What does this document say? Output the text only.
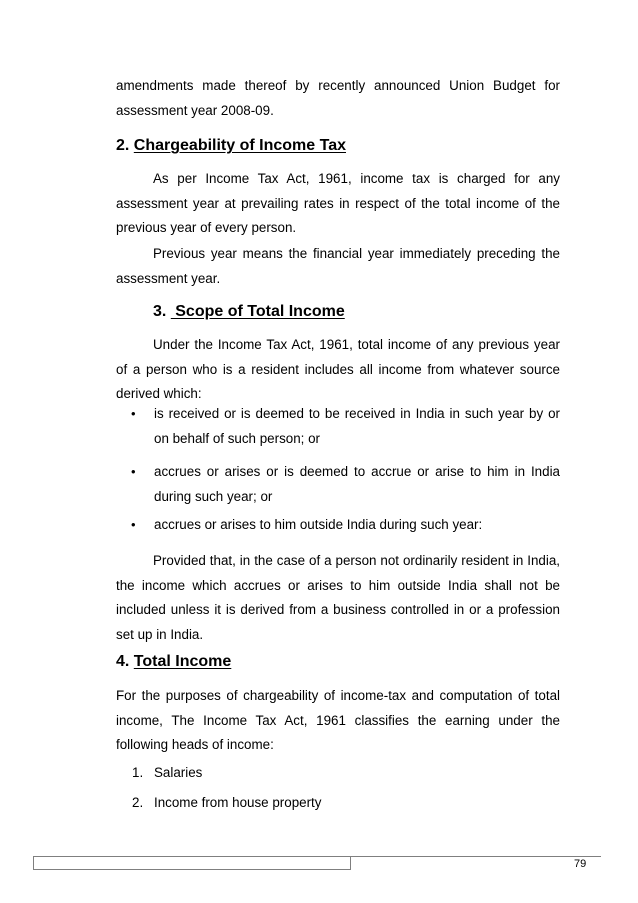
amendments made thereof by recently announced Union Budget for assessment year 2008-09.

2. Chargeability of Income Tax

As per Income Tax Act, 1961, income tax is charged for any assessment year at prevailing rates in respect of the total income of the previous year of every person.

Previous year means the financial year immediately preceding the assessment year.

3.  Scope of Total Income

Under the Income Tax Act, 1961, total income of any previous year of a person who is a resident includes all income from whatever source derived which:

• is received or is deemed to be received in India in such year by or on behalf of such person; or

• accrues or arises or is deemed to accrue or arise to him in India during such year; or

• accrues or arises to him outside India during such year:

Provided that, in the case of a person not ordinarily resident in India, the income which accrues or arises to him outside India shall not be included unless it is derived from a business controlled in or a profession set up in India.

4. Total Income

For the purposes of chargeability of income-tax and computation of total income, The Income Tax Act, 1961 classifies the earning under the following heads of income:

1. Salaries
2. Income from house property
79
